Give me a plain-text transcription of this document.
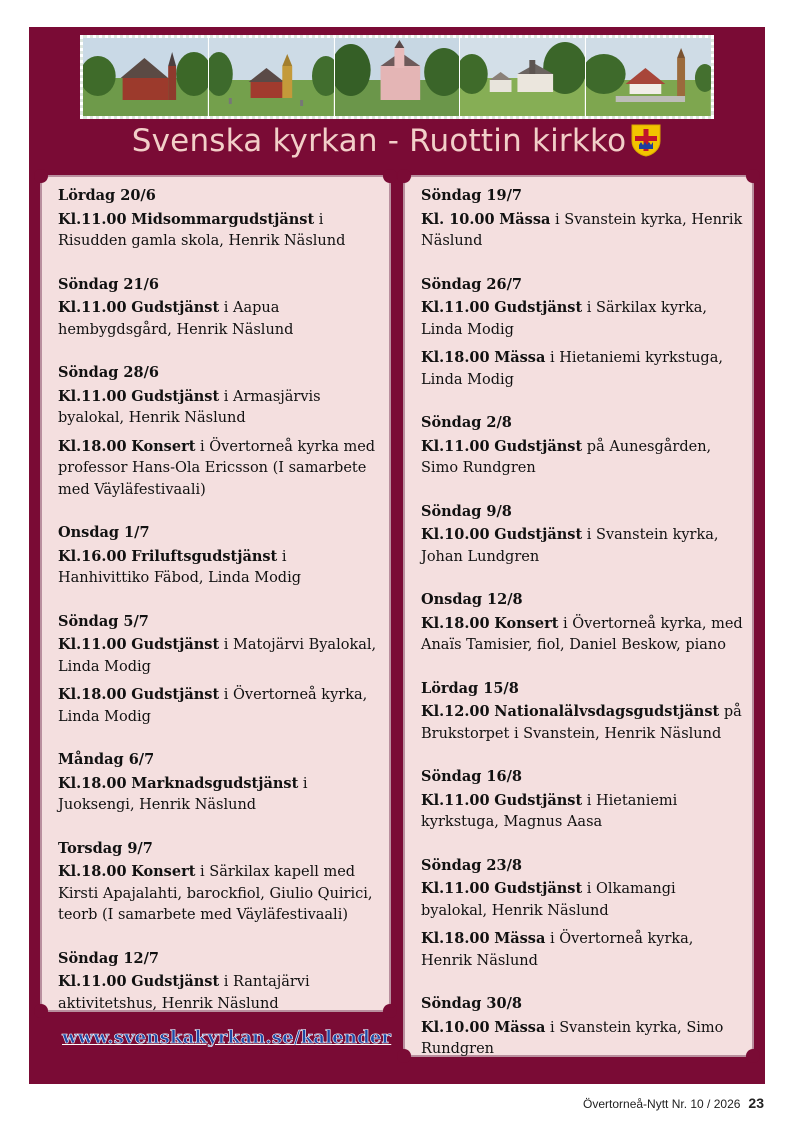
Svenska kyrkan - Ruottin kirkko
Lördag 20/6
Kl.11.00 Midsommargudstjänst i Risudden gamla skola, Henrik Näslund
Söndag 21/6
Kl.11.00 Gudstjänst i Aapua hembygdsgård, Henrik Näslund
Söndag 28/6
Kl.11.00 Gudstjänst i Armasjärvis byalokal, Henrik Näslund
Kl.18.00 Konsert i Övertorneå kyrka med professor Hans-Ola Ericsson (I samarbete med Väyläfestivaali)
Onsdag 1/7
Kl.16.00 Friluftsgudstjänst i Hanhivittiko Fäbod, Linda Modig
Söndag 5/7
Kl.11.00 Gudstjänst i Matojärvi Byalokal, Linda Modig
Kl.18.00 Gudstjänst i Övertorneå kyrka, Linda Modig
Måndag 6/7
Kl.18.00 Marknadsgudstjänst i Juoksengi, Henrik Näslund
Torsdag 9/7
Kl.18.00 Konsert i Särkilax kapell med Kirsti Apajalahti, barockfiol, Giulio Quirici, teorb (I samarbete med Väyläfestivaali)
Söndag 12/7
Kl.11.00 Gudstjänst i Rantajärvi aktivitetshus, Henrik Näslund
Söndag 19/7
Kl. 10.00 Mässa i Svanstein kyrka, Henrik Näslund
Söndag 26/7
Kl.11.00 Gudstjänst i Särkilax kyrka, Linda Modig
Kl.18.00 Mässa i Hietaniemi kyrkstuga, Linda Modig
Söndag 2/8
Kl.11.00 Gudstjänst på Aunesgården, Simo Rundgren
Söndag 9/8
Kl.10.00 Gudstjänst i Svanstein kyrka, Johan Lundgren
Onsdag 12/8
Kl.18.00 Konsert i Övertorneå kyrka, med Anaïs Tamisier, fiol, Daniel Beskow, piano
Lördag 15/8
Kl.12.00 Nationalälvsdagsgudstjänst på Brukstorpet i Svanstein, Henrik Näslund
Söndag 16/8
Kl.11.00 Gudstjänst i Hietaniemi kyrkstuga, Magnus Aasa
Söndag 23/8
Kl.11.00 Gudstjänst i Olkamangi byalokal, Henrik Näslund
Kl.18.00 Mässa i Övertorneå kyrka, Henrik Näslund
Söndag 30/8
Kl.10.00 Mässa i Svanstein kyrka, Simo Rundgren
www.svenskakyrkan.se/kalender
Övertorneå-Nytt Nr. 10 / 2026 23
